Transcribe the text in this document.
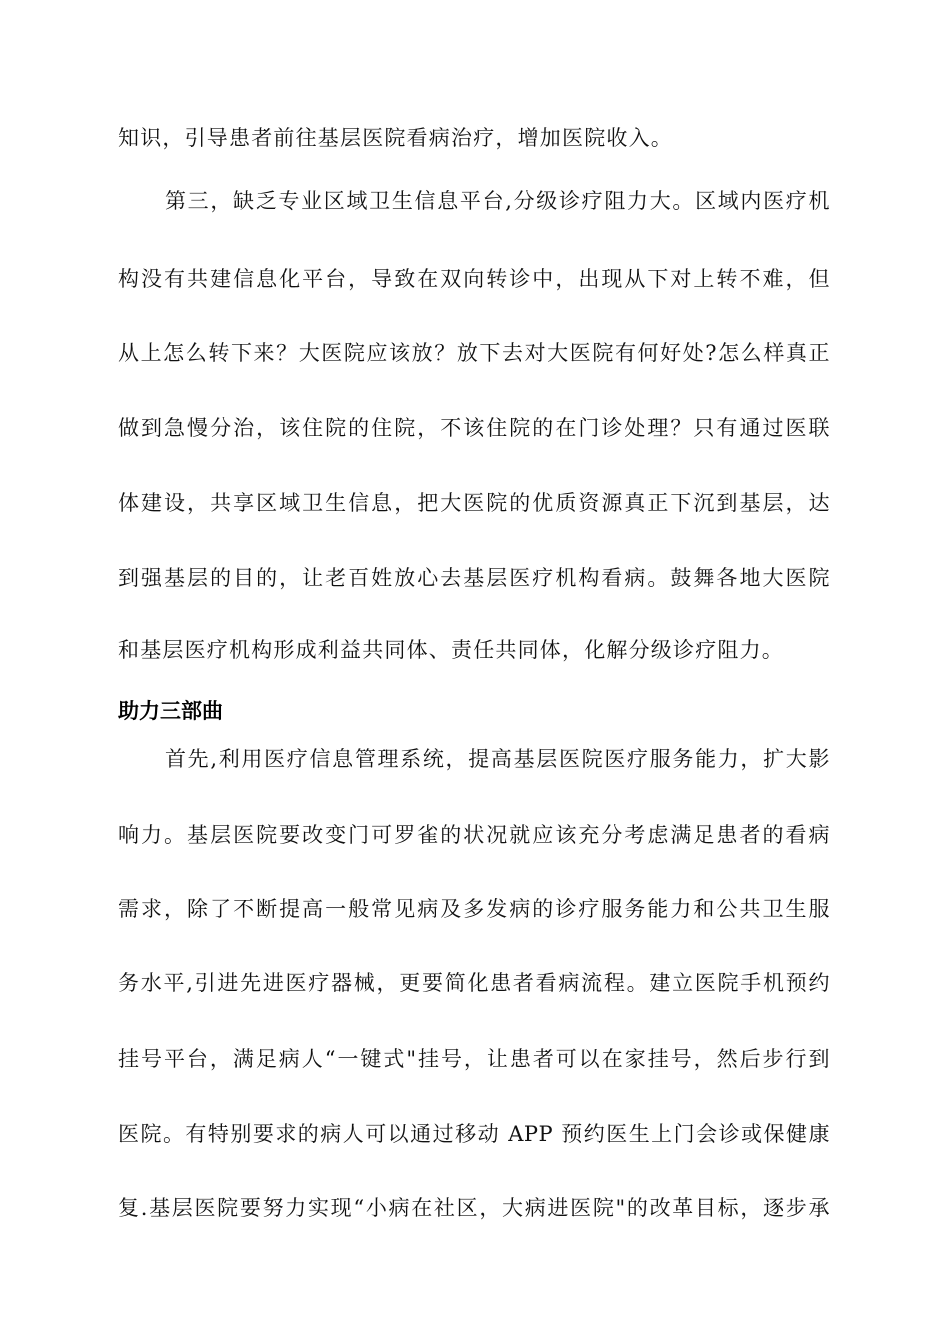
知识，引导患者前往基层医院看病治疗，增加医院收入。
第三，缺乏专业区域卫生信息平台,分级诊疗阻力大。区域内医疗机
构没有共建信息化平台，导致在双向转诊中，出现从下对上转不难，但
从上怎么转下来？大医院应该放？放下去对大医院有何好处?怎么样真正
做到急慢分治，该住院的住院，不该住院的在门诊处理？只有通过医联
体建设，共享区域卫生信息，把大医院的优质资源真正下沉到基层，达
到强基层的目的，让老百姓放心去基层医疗机构看病。鼓舞各地大医院
和基层医疗机构形成利益共同体、责任共同体，化解分级诊疗阻力。
助力三部曲
首先,利用医疗信息管理系统，提高基层医院医疗服务能力，扩大影
响力。基层医院要改变门可罗雀的状况就应该充分考虑满足患者的看病
需求，除了不断提高一般常见病及多发病的诊疗服务能力和公共卫生服
务水平,引进先进医疗器械，更要简化患者看病流程。建立医院手机预约
挂号平台，满足病人“一键式"挂号，让患者可以在家挂号，然后步行到
医院。有特别要求的病人可以通过移动 APP 预约医生上门会诊或保健康
复.基层医院要努力实现“小病在社区，大病进医院"的改革目标，逐步承
